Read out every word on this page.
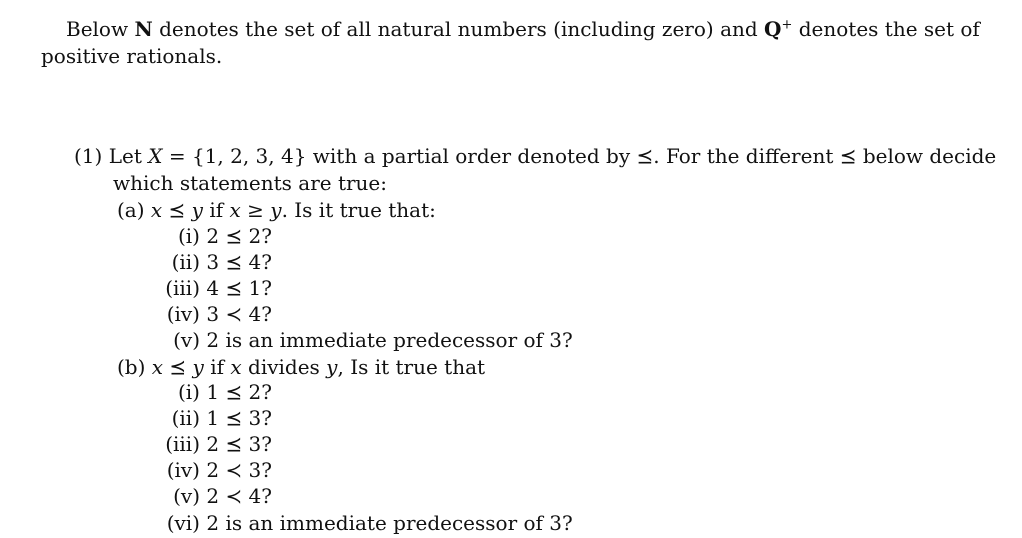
Below N denotes the set of all natural numbers (including zero) and Q+ denotes the set of
positive rationals.
(1) Let X = {1, 2, 3, 4} with a partial order denoted by ⪯. For the different ⪯ below decide
which statements are true:
(a) x ⪯ y if x ≥ y. Is it true that:
(i) 2 ⪯ 2?
(ii) 3 ⪯ 4?
(iii) 4 ⪯ 1?
(iv) 3 ≺ 4?
(v) 2 is an immediate predecessor of 3?
(b) x ⪯ y if x divides y, Is it true that
(i) 1 ⪯ 2?
(ii) 1 ⪯ 3?
(iii) 2 ⪯ 3?
(iv) 2 ≺ 3?
(v) 2 ≺ 4?
(vi) 2 is an immediate predecessor of 3?
